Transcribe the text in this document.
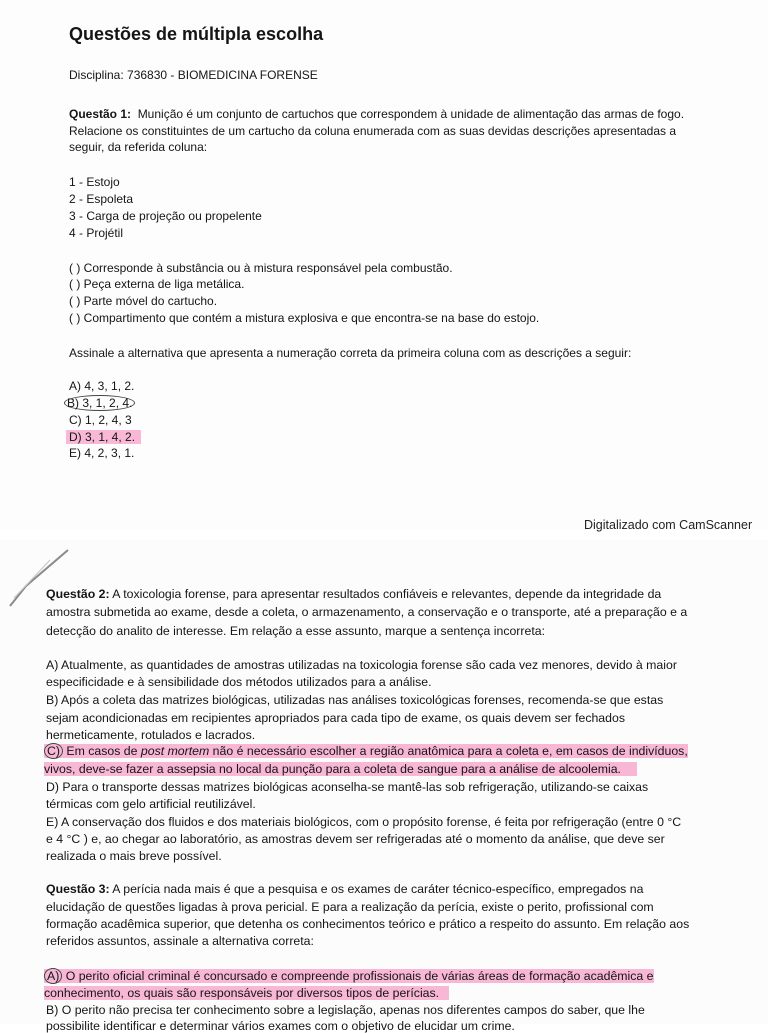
Questões de múltipla escolha
Disciplina: 736830 - BIOMEDICINA FORENSE
Questão 1: Munição é um conjunto de cartuchos que correspondem à unidade de alimentação das armas de fogo.
Relacione os constituintes de um cartucho da coluna enumerada com as suas devidas descrições apresentadas a
seguir, da referida coluna:
1 - Estojo
2 - Espoleta
3 - Carga de projeção ou propelente
4 - Projétil
( ) Corresponde à substância ou à mistura responsável pela combustão.
( ) Peça externa de liga metálica.
( ) Parte móvel do cartucho.
( ) Compartimento que contém a mistura explosiva e que encontra-se na base do estojo.
Assinale a alternativa que apresenta a numeração correta da primeira coluna com as descrições a seguir:
A) 4, 3, 1, 2.
B) 3, 1, 2, 4.
C) 1, 2, 4, 3
D) 3, 1, 4, 2.
E) 4, 2, 3, 1.
Digitalizado com CamScanner
Questão 2: A toxicologia forense, para apresentar resultados confiáveis e relevantes, depende da integridade da
amostra submetida ao exame, desde a coleta, o armazenamento, a conservação e o transporte, até a preparação e a
detecção do analito de interesse. Em relação a esse assunto, marque a sentença incorreta:
A) Atualmente, as quantidades de amostras utilizadas na toxicologia forense são cada vez menores, devido à maior
especificidade e à sensibilidade dos métodos utilizados para a análise.
B) Após a coleta das matrizes biológicas, utilizadas nas análises toxicológicas forenses, recomenda-se que estas
sejam acondicionadas em recipientes apropriados para cada tipo de exame, os quais devem ser fechados
hermeticamente, rotulados e lacrados.
C) Em casos de post mortem não é necessário escolher a região anatômica para a coleta e, em casos de indivíduos,
vivos, deve-se fazer a assepsia no local da punção para a coleta de sangue para a análise de alcoolemia.
D) Para o transporte dessas matrizes biológicas aconselha-se mantê-las sob refrigeração, utilizando-se caixas
térmicas com gelo artificial reutilizável.
E) A conservação dos fluidos e dos materiais biológicos, com o propósito forense, é feita por refrigeração (entre 0 °C
e 4 °C ) e, ao chegar ao laboratório, as amostras devem ser refrigeradas até o momento da análise, que deve ser
realizada o mais breve possível.
Questão 3: A perícia nada mais é que a pesquisa e os exames de caráter técnico-específico, empregados na
elucidação de questões ligadas à prova pericial. E para a realização da perícia, existe o perito, profissional com
formação acadêmica superior, que detenha os conhecimentos teórico e prático a respeito do assunto. Em relação aos
referidos assuntos, assinale a alternativa correta:
A) O perito oficial criminal é concursado e compreende profissionais de várias áreas de formação acadêmica e
conhecimento, os quais são responsáveis por diversos tipos de perícias.
B) O perito não precisa ter conhecimento sobre a legislação, apenas nos diferentes campos do saber, que lhe
possibilite identificar e determinar vários exames com o objetivo de elucidar um crime.
